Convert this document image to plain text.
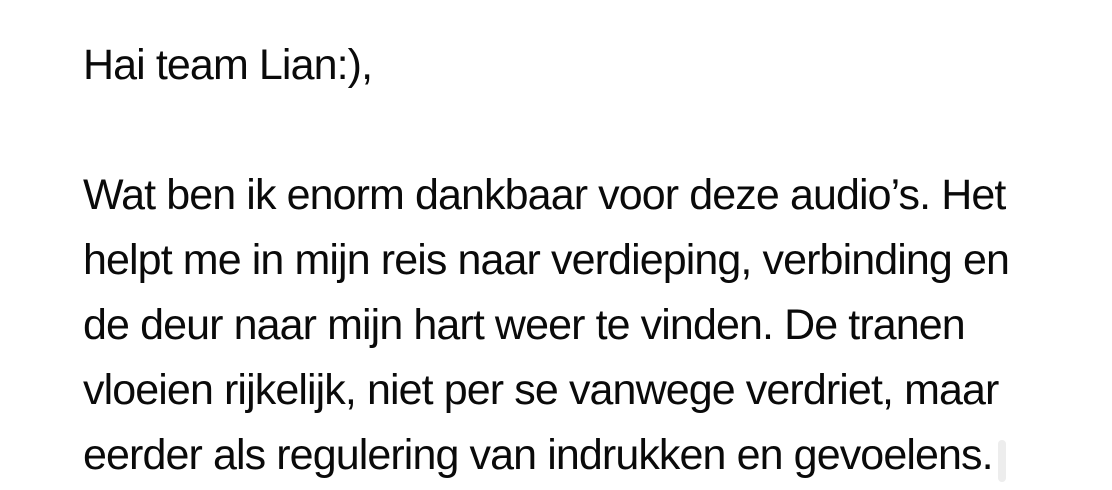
Hai team Lian:),

Wat ben ik enorm dankbaar voor deze audio’s. Het
helpt me in mijn reis naar verdieping, verbinding en
de deur naar mijn hart weer te vinden. De tranen
vloeien rijkelijk, niet per se vanwege verdriet, maar
eerder als regulering van indrukken en gevoelens.
